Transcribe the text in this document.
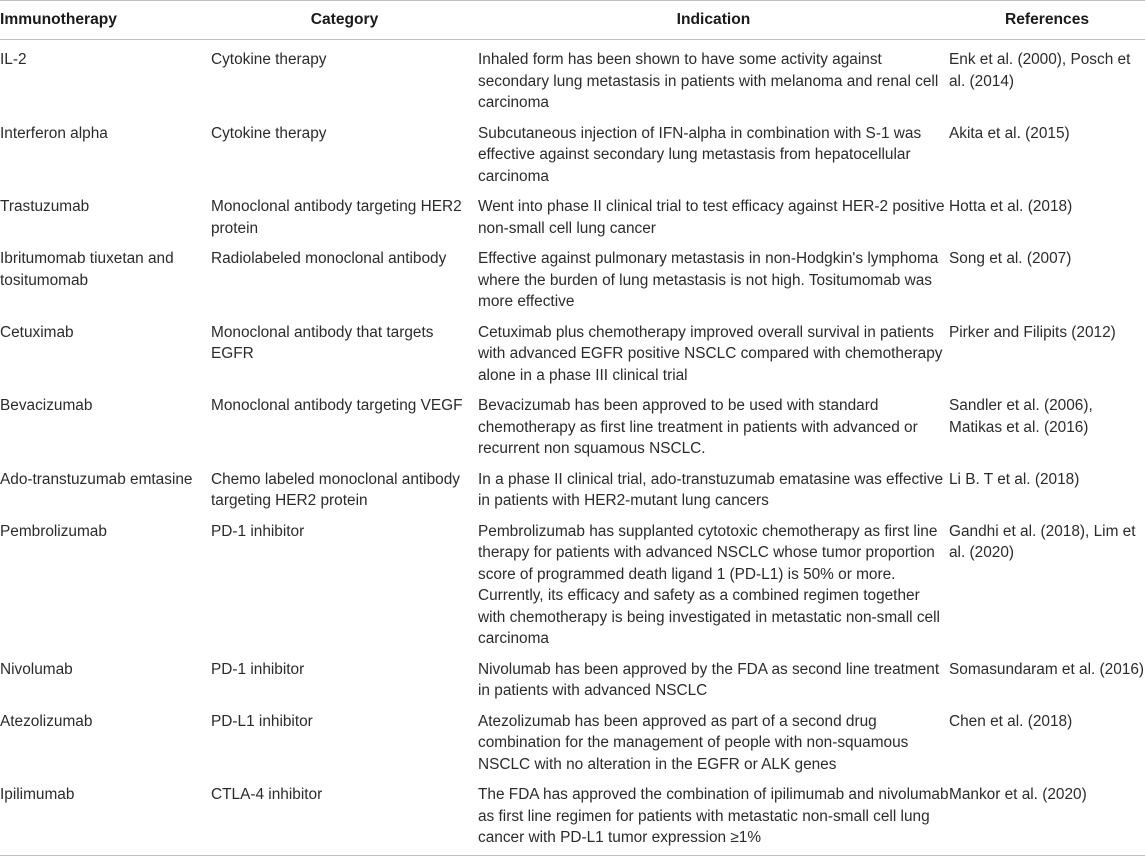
Immunotherapy	Category	Indication	References
IL-2	Cytokine therapy	Inhaled form has been shown to have some activity against secondary lung metastasis in patients with melanoma and renal cell carcinoma	Enk et al. (2000), Posch et al. (2014)
Interferon alpha	Cytokine therapy	Subcutaneous injection of IFN-alpha in combination with S-1 was effective against secondary lung metastasis from hepatocellular carcinoma	Akita et al. (2015)
Trastuzumab	Monoclonal antibody targeting HER2 protein	Went into phase II clinical trial to test efficacy against HER-2 positive non-small cell lung cancer	Hotta et al. (2018)
Ibritumomab tiuxetan and tositumomab	Radiolabeled monoclonal antibody	Effective against pulmonary metastasis in non-Hodgkin's lymphoma where the burden of lung metastasis is not high. Tositumomab was more effective	Song et al. (2007)
Cetuximab	Monoclonal antibody that targets EGFR	Cetuximab plus chemotherapy improved overall survival in patients with advanced EGFR positive NSCLC compared with chemotherapy alone in a phase III clinical trial	Pirker and Filipits (2012)
Bevacizumab	Monoclonal antibody targeting VEGF	Bevacizumab has been approved to be used with standard chemotherapy as first line treatment in patients with advanced or recurrent non squamous NSCLC.	Sandler et al. (2006), Matikas et al. (2016)
Ado-transtuzumab emtasine	Chemo labeled monoclonal antibody targeting HER2 protein	In a phase II clinical trial, ado-transtuzumab ematasine was effective in patients with HER2-mutant lung cancers	Li B. T et al. (2018)
Pembrolizumab	PD-1 inhibitor	Pembrolizumab has supplanted cytotoxic chemotherapy as first line therapy for patients with advanced NSCLC whose tumor proportion score of programmed death ligand 1 (PD-L1) is 50% or more. Currently, its efficacy and safety as a combined regimen together with chemotherapy is being investigated in metastatic non-small cell carcinoma	Gandhi et al. (2018), Lim et al. (2020)
Nivolumab	PD-1 inhibitor	Nivolumab has been approved by the FDA as second line treatment in patients with advanced NSCLC	Somasundaram et al. (2016)
Atezolizumab	PD-L1 inhibitor	Atezolizumab has been approved as part of a second drug combination for the management of people with non-squamous NSCLC with no alteration in the EGFR or ALK genes	Chen et al. (2018)
Ipilimumab	CTLA-4 inhibitor	The FDA has approved the combination of ipilimumab and nivolumab as first line regimen for patients with metastatic non-small cell lung cancer with PD-L1 tumor expression ≥1%	Mankor et al. (2020)
